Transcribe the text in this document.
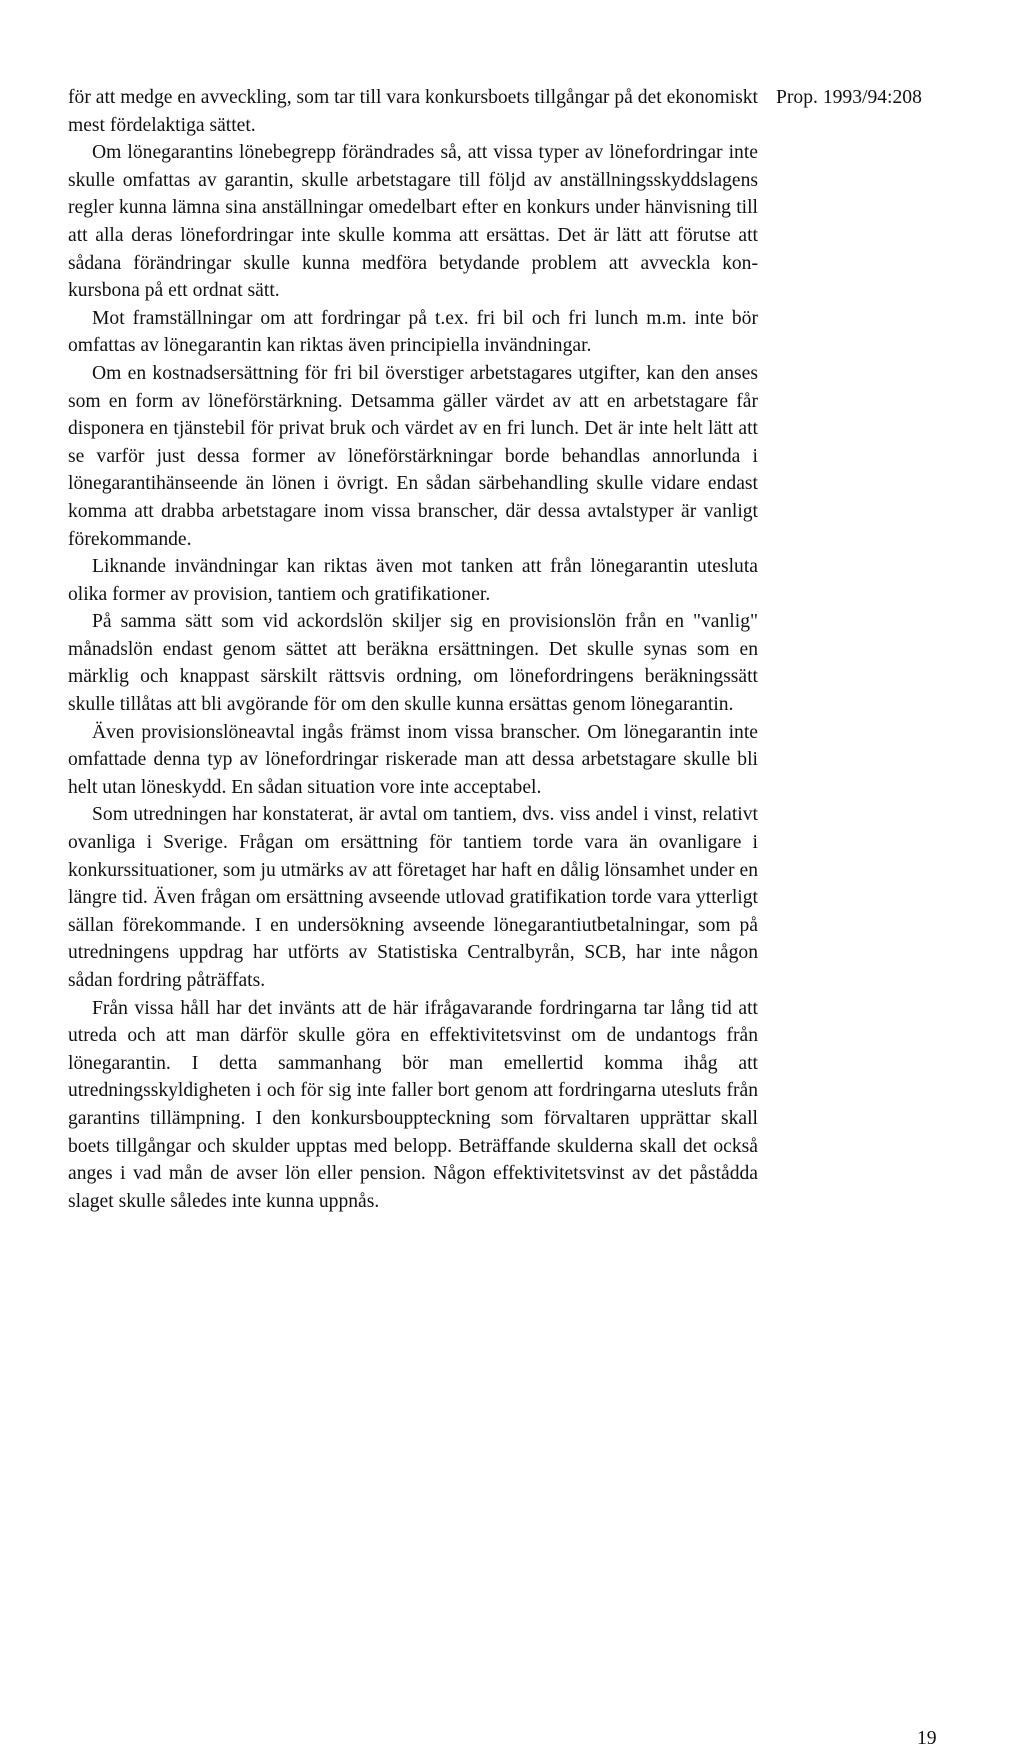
Prop. 1993/94:208

för att medge en avveckling, som tar till vara konkursboets tillgångar på det ekonomiskt mest fördelaktiga sättet.

Om lönegarantins lönebegrepp förändrades så, att vissa typer av lönefordringar inte skulle omfattas av garantin, skulle arbetstagare till följd av anställningsskyddslagens regler kunna lämna sina anställningar omedelbart efter en konkurs under hänvisning till att alla deras lönefordringar inte skulle komma att ersättas. Det är lätt att förutse att sådana förändringar skulle kunna medföra betydande problem att avveckla konkursbona på ett ordnat sätt.

Mot framställningar om att fordringar på t.ex. fri bil och fri lunch m.m. inte bör omfattas av lönegarantin kan riktas även principiella invändningar.

Om en kostnadsersättning för fri bil överstiger arbetstagares utgifter, kan den anses som en form av löneförstärkning. Detsamma gäller värdet av att en arbetstagare får disponera en tjänstebil för privat bruk och värdet av en fri lunch. Det är inte helt lätt att se varför just dessa former av löneförstärkningar borde behandlas annorlunda i lönegarantihänseende än lönen i övrigt. En sådan särbehandling skulle vidare endast komma att drabba arbetstagare inom vissa branscher, där dessa avtalstyper är vanligt förekommande.

Liknande invändningar kan riktas även mot tanken att från lönegarantin utesluta olika former av provision, tantiem och gratifikationer.

På samma sätt som vid ackordslön skiljer sig en provisionslön från en "vanlig" månadslön endast genom sättet att beräkna ersättningen. Det skulle synas som en märklig och knappast särskilt rättsvis ordning, om lönefordringens beräkningssätt skulle tillåtas att bli avgörande för om den skulle kunna ersättas genom lönegarantin.

Även provisionslöneavtal ingås främst inom vissa branscher. Om lönegarantin inte omfattade denna typ av lönefordringar riskerade man att dessa arbetstagare skulle bli helt utan löneskydd. En sådan situation vore inte acceptabel.

Som utredningen har konstaterat, är avtal om tantiem, dvs. viss andel i vinst, relativt ovanliga i Sverige. Frågan om ersättning för tantiem torde vara än ovanligare i konkurssituationer, som ju utmärks av att företaget har haft en dålig lönsamhet under en längre tid. Även frågan om ersättning avseende utlovad gratifikation torde vara ytterligt sällan förekommande. I en undersökning avseende lönegarantiutbetalningar, som på utredningens uppdrag har utförts av Statistiska Centralbyrån, SCB, har inte någon sådan fordring påträffats.

Från vissa håll har det invänts att de här ifrågavarande fordringarna tar lång tid att utreda och att man därför skulle göra en effektivitetsvinst om de undantogs från lönegarantin. I detta sammanhang bör man emellertid komma ihåg att utredningsskyldigheten i och för sig inte faller bort genom att fordringarna utesluts från garantins tillämpning. I den konkursbouppteckning som förvaltaren upprättar skall boets tillgångar och skulder upptas med belopp. Beträffande skulderna skall det också anges i vad mån de avser lön eller pension. Någon effektivitetsvinst av det påstådda slaget skulle således inte kunna uppnås.

19
